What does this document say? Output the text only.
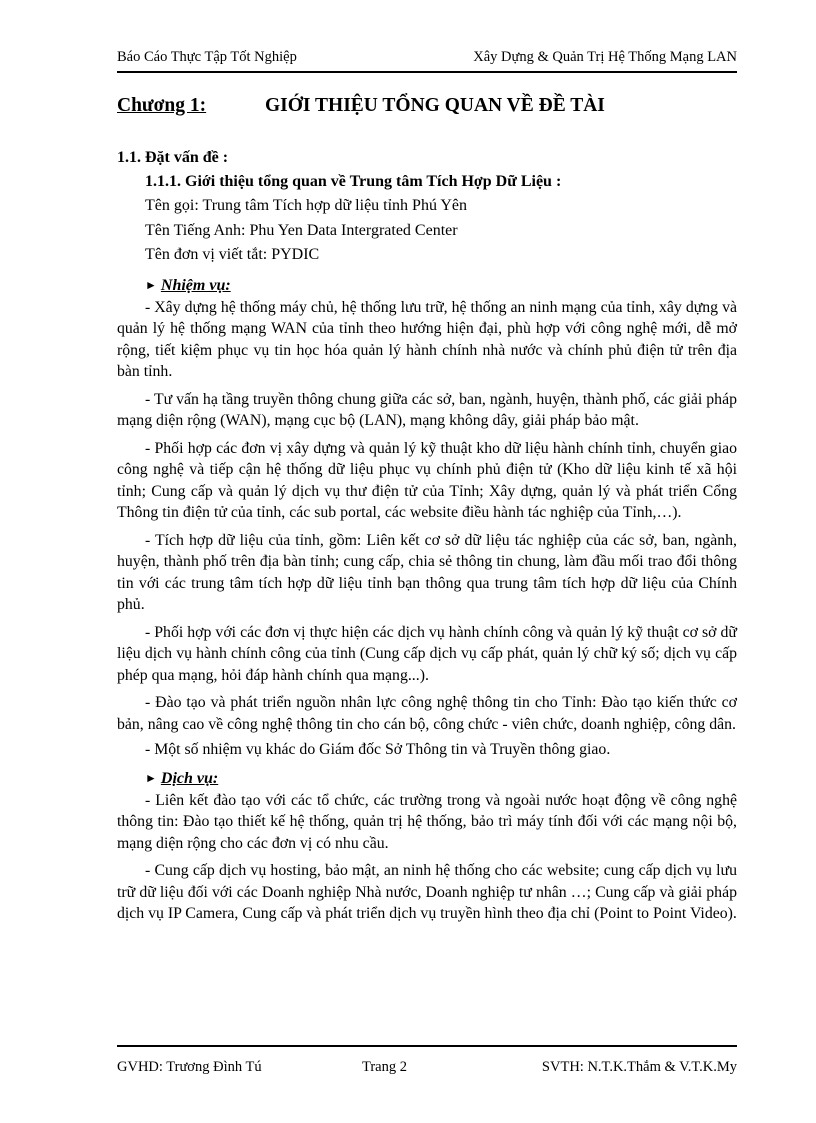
Báo Cáo Thực Tập Tốt Nghiệp	Xây Dựng & Quản Trị Hệ Thống Mạng LAN
Chương 1:	GIỚI THIỆU TỔNG QUAN VỀ ĐỀ TÀI

1.1. Đặt vấn đề :

1.1.1. Giới thiệu tổng quan về Trung tâm Tích Hợp Dữ Liệu :

Tên gọi: Trung tâm Tích hợp dữ liệu tỉnh Phú Yên

Tên Tiếng Anh: Phu Yen Data Intergrated Center

Tên đơn vị viết tắt: PYDIC

► Nhiệm vụ:

- Xây dựng hệ thống máy chủ, hệ thống lưu trữ, hệ thống an ninh mạng của tỉnh, xây dựng và quản lý hệ thống mạng WAN của tỉnh theo hướng hiện đại, phù hợp với công nghệ mới, dễ mở rộng, tiết kiệm phục vụ tin học hóa quản lý hành chính nhà nước và chính phủ điện tử trên địa bàn tỉnh.

- Tư vấn hạ tầng truyền thông chung giữa các sở, ban, ngành, huyện, thành phố, các giải pháp mạng diện rộng (WAN), mạng cục bộ (LAN), mạng không dây, giải pháp bảo mật.

- Phối hợp các đơn vị xây dựng và quản lý kỹ thuật kho dữ liệu hành chính tỉnh, chuyển giao công nghệ và tiếp cận hệ thống dữ liệu phục vụ chính phủ điện tử (Kho dữ liệu kinh tế xã hội tỉnh; Cung cấp và quản lý dịch vụ thư điện tử của Tỉnh; Xây dựng, quản lý và phát triển Cổng Thông tin điện tử của tỉnh, các sub portal, các website điều hành tác nghiệp của Tỉnh,…).

- Tích hợp dữ liệu của tỉnh, gồm: Liên kết cơ sở dữ liệu tác nghiệp của các sở, ban, ngành, huyện, thành phố trên địa bàn tỉnh; cung cấp, chia sẻ thông tin chung, làm đầu mối trao đổi thông tin với các trung tâm tích hợp dữ liệu tỉnh bạn thông qua trung tâm tích hợp dữ liệu của Chính phủ.

- Phối hợp với các đơn vị thực hiện các dịch vụ hành chính công và quản lý kỹ thuật cơ sở dữ liệu dịch vụ hành chính công của tỉnh (Cung cấp dịch vụ cấp phát, quản lý chữ ký số; dịch vụ cấp phép qua mạng, hỏi đáp hành chính qua mạng...).

- Đào tạo và phát triển nguồn nhân lực công nghệ thông tin cho Tỉnh: Đào tạo kiến thức cơ bản, nâng cao về công nghệ thông tin cho cán bộ, công chức - viên chức, doanh nghiệp, công dân.

- Một số nhiệm vụ khác do Giám đốc Sở Thông tin và Truyền thông giao.

► Dịch vụ:

- Liên kết đào tạo với các tổ chức, các trường trong và ngoài nước hoạt động về công nghệ thông tin: Đào tạo thiết kế hệ thống, quản trị hệ thống, bảo trì máy tính đối với các mạng nội bộ, mạng diện rộng cho các đơn vị có nhu cầu.

- Cung cấp dịch vụ hosting, bảo mật, an ninh hệ thống cho các website; cung cấp dịch vụ lưu trữ dữ liệu đối với các Doanh nghiệp Nhà nước, Doanh nghiệp tư nhân …; Cung cấp và giải pháp dịch vụ IP Camera, Cung cấp và phát triển dịch vụ truyền hình theo địa chỉ (Point to Point Video).

GVHD: Trương Đình Tú	Trang 2	SVTH: N.T.K.Thắm & V.T.K.My
